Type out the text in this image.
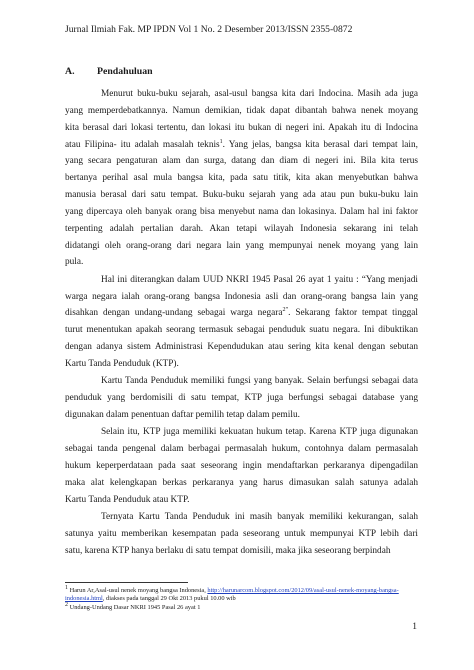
Jurnal Ilmiah Fak. MP IPDN Vol 1 No. 2 Desember 2013/ISSN 2355-0872
A. Pendahuluan
Menurut buku-buku sejarah, asal-usul bangsa kita dari Indocina. Masih ada juga
yang memperdebatkannya. Namun demikian, tidak dapat dibantah bahwa nenek moyang
kita berasal dari lokasi tertentu, dan lokasi itu bukan di negeri ini. Apakah itu di Indocina
atau Filipina- itu adalah masalah teknis$^1$. Yang jelas, bangsa kita berasal dari tempat lain,
yang secara pengaturan alam dan surga, datang dan diam di negeri ini. Bila kita terus
bertanya perihal asal mula bangsa kita, pada satu titik, kita akan menyebutkan bahwa
manusia berasal dari satu tempat. Buku-buku sejarah yang ada atau pun buku-buku lain
yang dipercaya oleh banyak orang bisa menyebut nama dan lokasinya. Dalam hal ini faktor
terpenting adalah pertalian darah. Akan tetapi wilayah Indonesia sekarang ini telah
didatangi oleh orang-orang dari negara lain yang mempunyai nenek moyang yang lain
pula.
Hal ini diterangkan dalam UUD NKRI 1945 Pasal 26 ayat 1 yaitu : “Yang menjadi
warga negara ialah orang-orang bangsa Indonesia asli dan orang-orang bangsa lain yang
disahkan dengan undang-undang sebagai warga negara$^{2”}$. Sekarang faktor tempat tinggal
turut menentukan apakah seorang termasuk sebagai penduduk suatu negara. Ini dibuktikan
dengan adanya sistem Administrasi Kependudukan atau sering kita kenal dengan sebutan
Kartu Tanda Penduduk (KTP).
Kartu Tanda Penduduk memiliki fungsi yang banyak. Selain berfungsi sebagai data
penduduk yang berdomisili di satu tempat, KTP juga berfungsi sebagai database yang
digunakan dalam penentuan daftar pemilih tetap dalam pemilu.
Selain itu, KTP juga memiliki kekuatan hukum tetap. Karena KTP juga digunakan
sebagai tanda pengenal dalam berbagai permasalah hukum, contohnya dalam permasalah
hukum keperperdataan pada saat seseorang ingin mendaftarkan perkaranya dipengadilan
maka alat kelengkapan berkas perkaranya yang harus dimasukan salah satunya adalah
Kartu Tanda Penduduk atau KTP.
Ternyata Kartu Tanda Penduduk ini masih banyak memiliki kekurangan, salah
satunya yaitu memberikan kesempatan pada seseorang untuk mempunyai KTP lebih dari
satu, karena KTP hanya berlaku di satu tempat domisili, maka jika seseorang berpindah
$^1$ Harun Ar,Asal-usul nenek moyang bangsa Indonesia, http://harunarcom.blogspot.com/2012/09/asal-usul-nenek-moyang-bangsa-indonesia.html, diakses pada tanggal 29 Okt 2013 pukul 10.00 wib
$^2$ Undang-Undang Dasar NKRI 1945 Pasal 26 ayat 1
1
